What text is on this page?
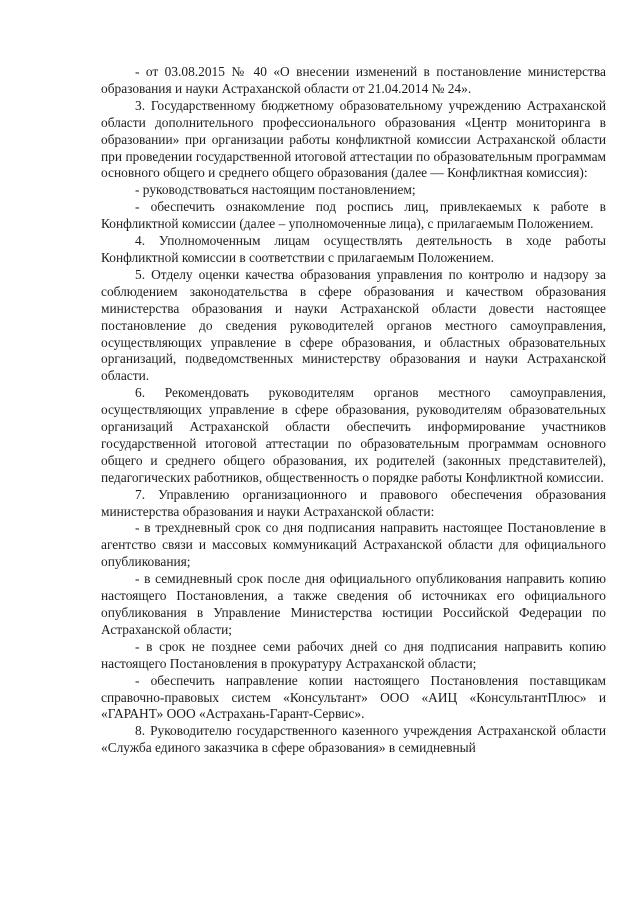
- от 03.08.2015 № 40 «О внесении изменений в постановление министерства образования и науки Астраханской области от 21.04.2014 № 24».

3. Государственному бюджетному образовательному учреждению Астраханской области дополнительного профессионального образования «Центр мониторинга в образовании» при организации работы конфликтной комиссии Астраханской области при проведении государственной итоговой аттестации по образовательным программам основного общего и среднего общего образования (далее — Конфликтная комиссия):

- руководствоваться настоящим постановлением;

- обеспечить ознакомление под роспись лиц, привлекаемых к работе в Конфликтной комиссии (далее – уполномоченные лица), с прилагаемым Положением.

4. Уполномоченным лицам осуществлять деятельность в ходе работы Конфликтной комиссии в соответствии с прилагаемым Положением.

5. Отделу оценки качества образования управления по контролю и надзору за соблюдением законодательства в сфере образования и качеством образования министерства образования и науки Астраханской области довести настоящее постановление до сведения руководителей органов местного самоуправления, осуществляющих управление в сфере образования, и областных образовательных организаций, подведомственных министерству образования и науки Астраханской области.

6. Рекомендовать руководителям органов местного самоуправления, осуществляющих управление в сфере образования, руководителям образовательных организаций Астраханской области обеспечить информирование участников государственной итоговой аттестации по образовательным программам основного общего и среднего общего образования, их родителей (законных представителей), педагогических работников, общественность о порядке работы Конфликтной комиссии.

7. Управлению организационного и правового обеспечения образования министерства образования и науки Астраханской области:

- в трехдневный срок со дня подписания направить настоящее Постановление в агентство связи и массовых коммуникаций Астраханской области для официального опубликования;

- в семидневный срок после дня официального опубликования направить копию настоящего Постановления, а также сведения об источниках его официального опубликования в Управление Министерства юстиции Российской Федерации по Астраханской области;

- в срок не позднее семи рабочих дней со дня подписания направить копию настоящего Постановления в прокуратуру Астраханской области;

- обеспечить направление копии настоящего Постановления поставщикам справочно-правовых систем «Консультант» ООО «АИЦ «КонсультантПлюс» и «ГАРАНТ» ООО «Астрахань-Гарант-Сервис».

8. Руководителю государственного казенного учреждения Астраханской области «Служба единого заказчика в сфере образования» в семидневный
